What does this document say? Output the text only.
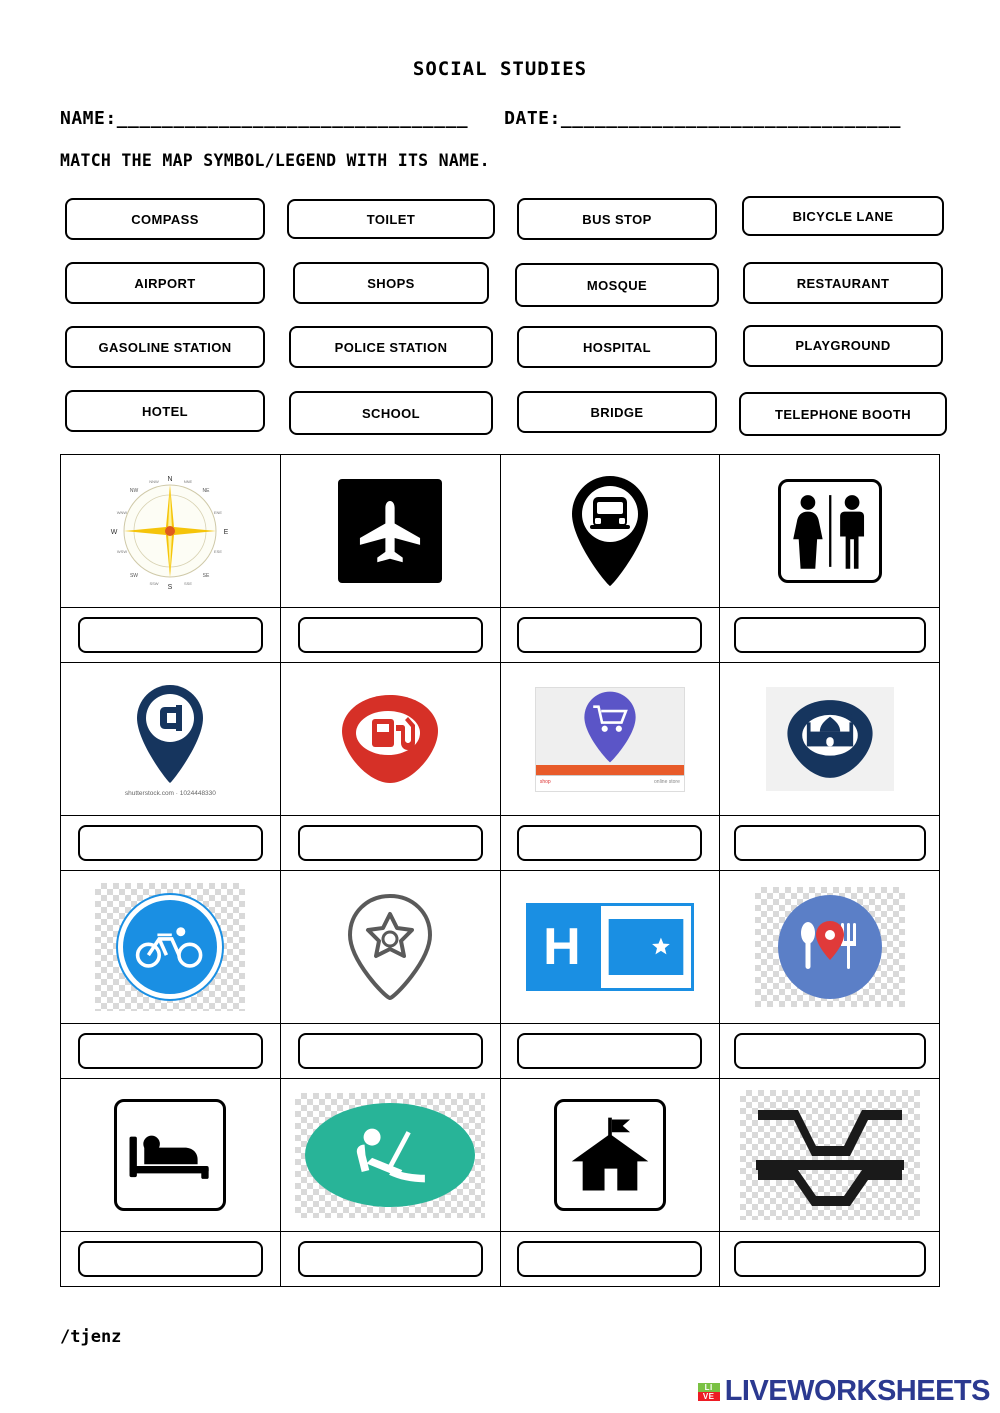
SOCIAL STUDIES
NAME:_______________________________ DATE:______________________________
MATCH THE MAP SYMBOL/LEGEND WITH ITS NAME.
COMPASS	TOILET	BUS STOP	BICYCLE LANE
AIRPORT	SHOPS	MOSQUE	RESTAURANT
GASOLINE STATION	POLICE STATION	HOSPITAL	PLAYGROUND
HOTEL	SCHOOL	BRIDGE	TELEPHONE BOOTH
N
S
E
W
NW	NE
SW	SE
NNW	NNE
WNW	ENE
WSW	ESE
SSW	SSE

shutterstock.com · 1024448330		shop online store

H

/tjenz
LI
VE LIVEWORKSHEETS
